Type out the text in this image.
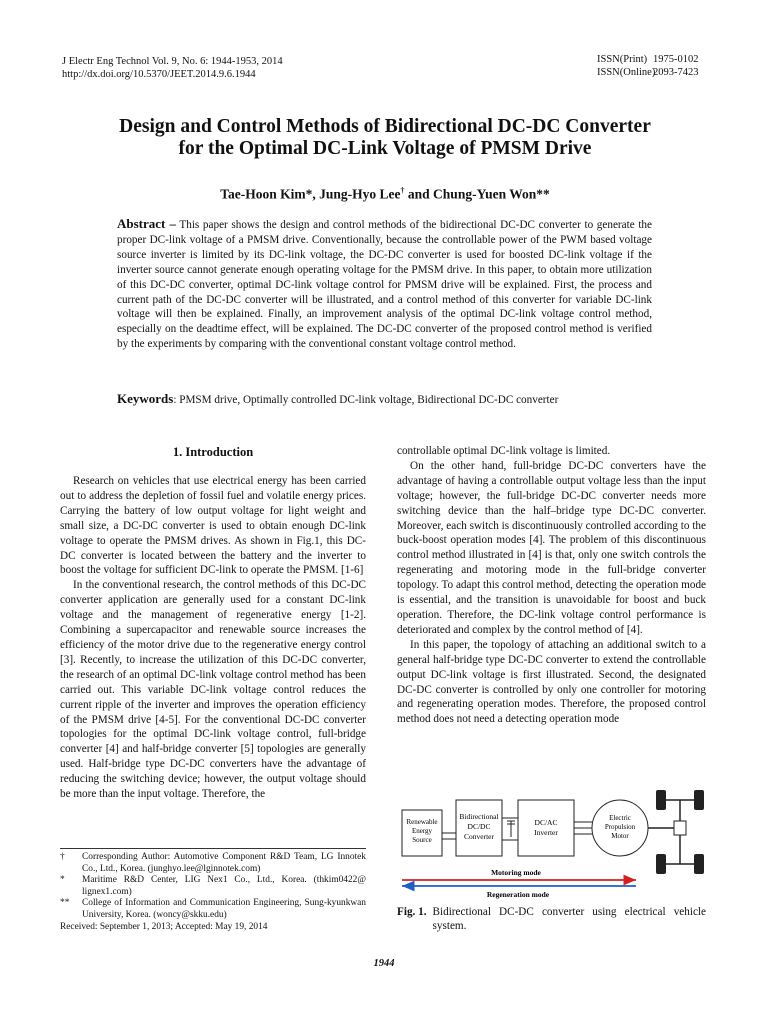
J Electr Eng Technol Vol. 9, No. 6: 1944-1953, 2014
http://dx.doi.org/10.5370/JEET.2014.9.6.1944
ISSN(Print) 1975-0102
ISSN(Online)2093-7423
Design and Control Methods of Bidirectional DC-DC Converter
for the Optimal DC-Link Voltage of PMSM Drive
Tae-Hoon Kim*, Jung-Hyo Lee† and Chung-Yuen Won**
Abstract – This paper shows the design and control methods of the bidirectional DC-DC converter to generate the proper DC-link voltage of a PMSM drive. Conventionally, because the controllable power of the PWM based voltage source inverter is limited by its DC-link voltage, the DC-DC converter is used for boosted DC-link voltage if the inverter source cannot generate enough operating voltage for the PMSM drive. In this paper, to obtain more utilization of this DC-DC converter, optimal DC-link voltage control for PMSM drive will be explained. First, the process and current path of the DC-DC converter will be illustrated, and a control method of this converter for variable DC-link voltage will then be explained. Finally, an improvement analysis of the optimal DC-link voltage control method, especially on the deadtime effect, will be explained. The DC-DC converter of the proposed control method is verified by the experiments by comparing with the conventional constant voltage control method.
Keywords: PMSM drive, Optimally controlled DC-link voltage, Bidirectional DC-DC converter
1. Introduction

Research on vehicles that use electrical energy has been carried out to address the depletion of fossil fuel and volatile energy prices. Carrying the battery of low output voltage for light weight and small size, a DC-DC converter is used to obtain enough DC-link voltage to operate the PMSM drives. As shown in Fig.1, this DC-DC converter is located between the battery and the inverter to boost the voltage for sufficient DC-link to operate the PMSM. [1-6]

In the conventional research, the control methods of this DC-DC converter application are generally used for a constant DC-link voltage and the management of regenerative energy [1-2]. Combining a supercapacitor and renewable source increases the efficiency of the motor drive due to the regenerative energy control [3]. Recently, to increase the utilization of this DC-DC converter, the research of an optimal DC-link voltage control method has been carried out. This variable DC-link voltage control reduces the current ripple of the inverter and improves the operation efficiency of the PMSM drive [4-5]. For the conventional DC-DC converter topologies for the optimal DC-link voltage control, full-bridge converter [4] and half-bridge converter [5] topologies are generally used. Half-bridge type DC-DC converters have the advantage of reducing the switching device; however, the output voltage should be more than the input voltage. Therefore, the

†	Corresponding Author: Automotive Component R&D Team, LG Innotek Co., Ltd., Korea. (junghyo.lee@lginnotek.com)
*	Maritime R&D Center, LIG Nex1 Co., Ltd., Korea. (thkim0422@ lignex1.com)
**	College of Information and Communication Engineering, Sung-kyunkwan University, Korea. (woncy@skku.edu)
Received: September 1, 2013; Accepted: May 19, 2014

controllable optimal DC-link voltage is limited.

On the other hand, full-bridge DC-DC converters have the advantage of having a controllable output voltage less than the input voltage; however, the full-bridge DC-DC converter needs more switching device than the half–bridge type DC-DC converter. Moreover, each switch is discontinuously controlled according to the buck-boost operation modes [4]. The problem of this discontinuous control method illustrated in [4] is that, only one switch controls the regenerating and motoring mode in the full-bridge converter topology. To adapt this control method, detecting the operation mode is essential, and the transition is unavoidable for boost and buck operation. Therefore, the DC-link voltage control performance is deteriorated and complex by the control method of [4].

In this paper, the topology of attaching an additional switch to a general half-bridge type DC-DC converter to extend the controllable output DC-link voltage is first illustrated. Second, the designated DC-DC converter is controlled by only one controller for motoring and regenerating operation modes. Therefore, the proposed control method does not need a detecting operation mode

Renewable
Energy
Source
Bidirectional
DC/DC
Converter
DC/AC
Inverter
Electric
Propulsion
Motor
Motoring mode
Regeneration mode
Fig. 1. Bidirectional DC-DC converter using electrical vehicle system.
1944
